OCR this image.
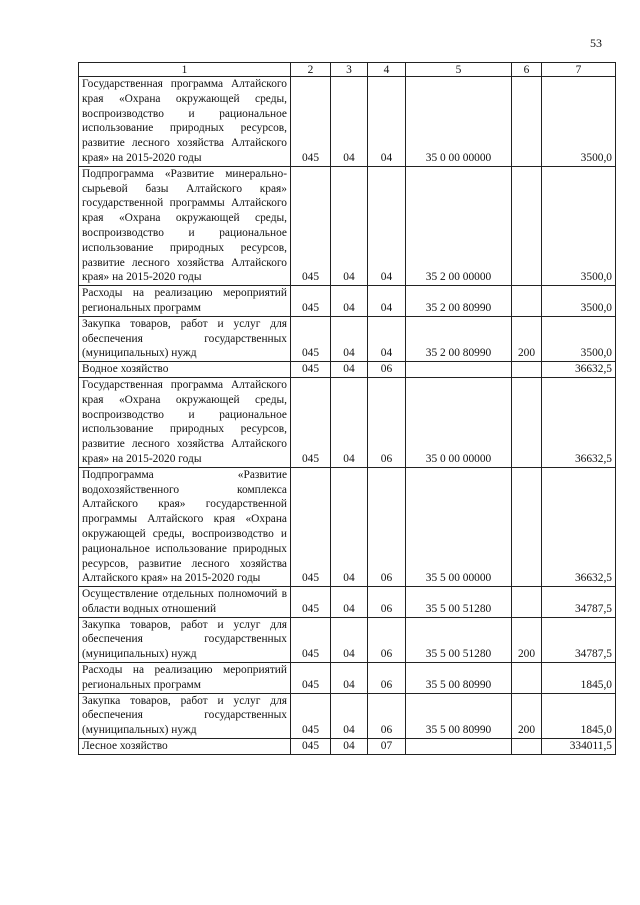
53
1	2	3	4	5	6	7
Государственная программа Алтайского края «Охрана окружающей среды, воспроизводство и рациональное использование природных ресурсов, развитие лесного хозяйства Алтайского края» на 2015-2020 годы	045	04	04	35 0 00 00000		3500,0
Подпрограмма «Развитие минерально-сырьевой базы Алтайского края» государственной программы Алтайского края «Охрана окружающей среды, воспроизводство и рациональное использование природных ресурсов, развитие лесного хозяйства Алтайского края» на 2015-2020 годы	045	04	04	35 2 00 00000		3500,0
Расходы на реализацию мероприятий региональных программ	045	04	04	35 2 00 80990		3500,0
Закупка товаров, работ и услуг для обеспечения государственных (муниципальных) нужд	045	04	04	35 2 00 80990	200	3500,0
Водное хозяйство	045	04	06			36632,5
Государственная программа Алтайского края «Охрана окружающей среды, воспроизводство и рациональное использование природных ресурсов, развитие лесного хозяйства Алтайского края» на 2015-2020 годы	045	04	06	35 0 00 00000		36632,5
Подпрограмма «Развитие водохозяйственного комплекса Алтайского края» государственной программы Алтайского края «Охрана окружающей среды, воспроизводство и рациональное использование природных ресурсов, развитие лесного хозяйства Алтайского края» на 2015-2020 годы	045	04	06	35 5 00 00000		36632,5
Осуществление отдельных полномочий в области водных отношений	045	04	06	35 5 00 51280		34787,5
Закупка товаров, работ и услуг для обеспечения государственных (муниципальных) нужд	045	04	06	35 5 00 51280	200	34787,5
Расходы на реализацию мероприятий региональных программ	045	04	06	35 5 00 80990		1845,0
Закупка товаров, работ и услуг для обеспечения государственных (муниципальных) нужд	045	04	06	35 5 00 80990	200	1845,0
Лесное хозяйство	045	04	07			334011,5
